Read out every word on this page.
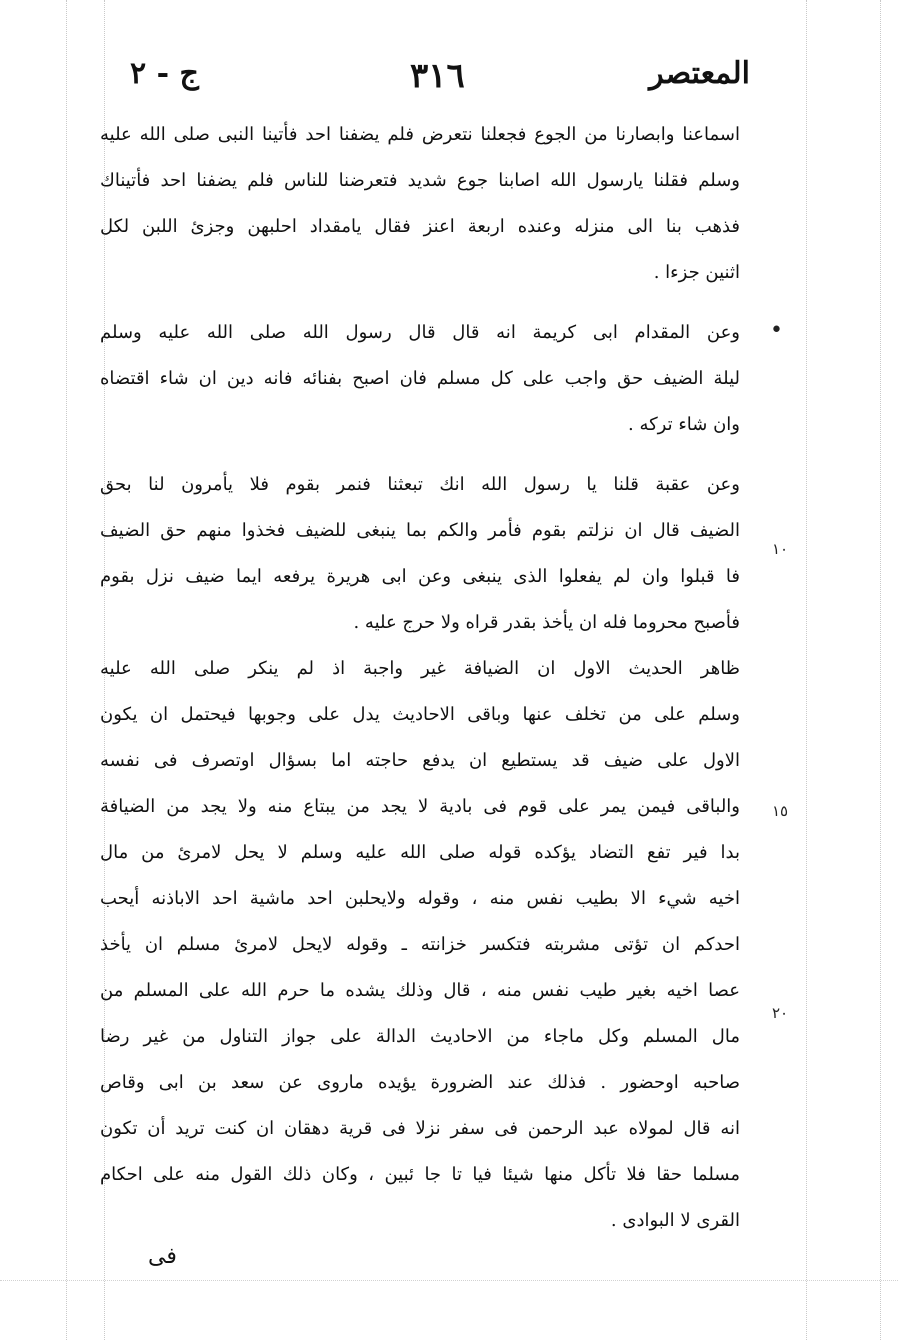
المعتصر
٣١٦
ج - ٢
•
١٠
١٥
٢٠
اسماعنا وابصارنا من الجوع فجعلنا نتعرض فلم يضفنا احد فأتينا النبى صلى الله عليه
وسلم فقلنا يارسول الله اصابنا جوع شديد فتعرضنا للناس فلم يضفنا احد فأتيناك
فذهب بنا الى منزله وعنده اربعة اعنز فقال يامقداد احلبهن وجزئ اللبن لكل
اثنين جزءا .
وعن المقدام ابى كريمة انه قال قال رسول الله صلى الله عليه وسلم
ليلة الضيف حق واجب على كل مسلم فان اصبح بفنائه فانه دين ان شاء اقتضاه
وان شاء تركه .
وعن عقبة قلنا يا رسول الله انك تبعثنا فنمر بقوم فلا يأمرون لنا بحق
الضيف قال ان نزلتم بقوم فأمر والكم بما ينبغى للضيف فخذوا منهم حق الضيف
فا قبلوا وان لم يفعلوا الذى ينبغى وعن ابى هريرة يرفعه ايما ضيف نزل بقوم
فأصبح محروما فله ان يأخذ بقدر قراه ولا حرج عليه .
ظاهر الحديث الاول ان الضيافة غير واجبة اذ لم ينكر صلى الله عليه
وسلم على من تخلف عنها وباقى الاحاديث يدل على وجوبها فيحتمل ان يكون
الاول على ضيف قد يستطيع ان يدفع حاجته اما بسؤال اوتصرف فى نفسه
والباقى فيمن يمر على قوم فى بادية لا يجد من يبتاع منه ولا يجد من الضيافة
بدا فير تفع التضاد يؤكده قوله صلى الله عليه وسلم لا يحل لامرئ من مال
اخيه شيء الا بطيب نفس منه ، وقوله ولايحلبن احد ماشية احد الاباذنه أيحب
احدكم ان تؤتى مشربته فتكسر خزانته ـ وقوله لايحل لامرئ مسلم ان يأخذ
عصا اخيه بغير طيب نفس منه ، قال وذلك يشده ما حرم الله على المسلم من
مال المسلم وكل ماجاء من الاحاديث الدالة على جواز التناول من غير رضا
صاحبه اوحضور . فذلك عند الضرورة يؤيده ماروى عن سعد بن ابى وقاص
انه قال لمولاه عبد الرحمن فى سفر نزلا فى قرية دهقان ان كنت تريد أن تكون
مسلما حقا فلا تأكل منها شيئا فيا تا جا ئبين ، وكان ذلك القول منه على احكام
القرى لا البوادى .
فى
